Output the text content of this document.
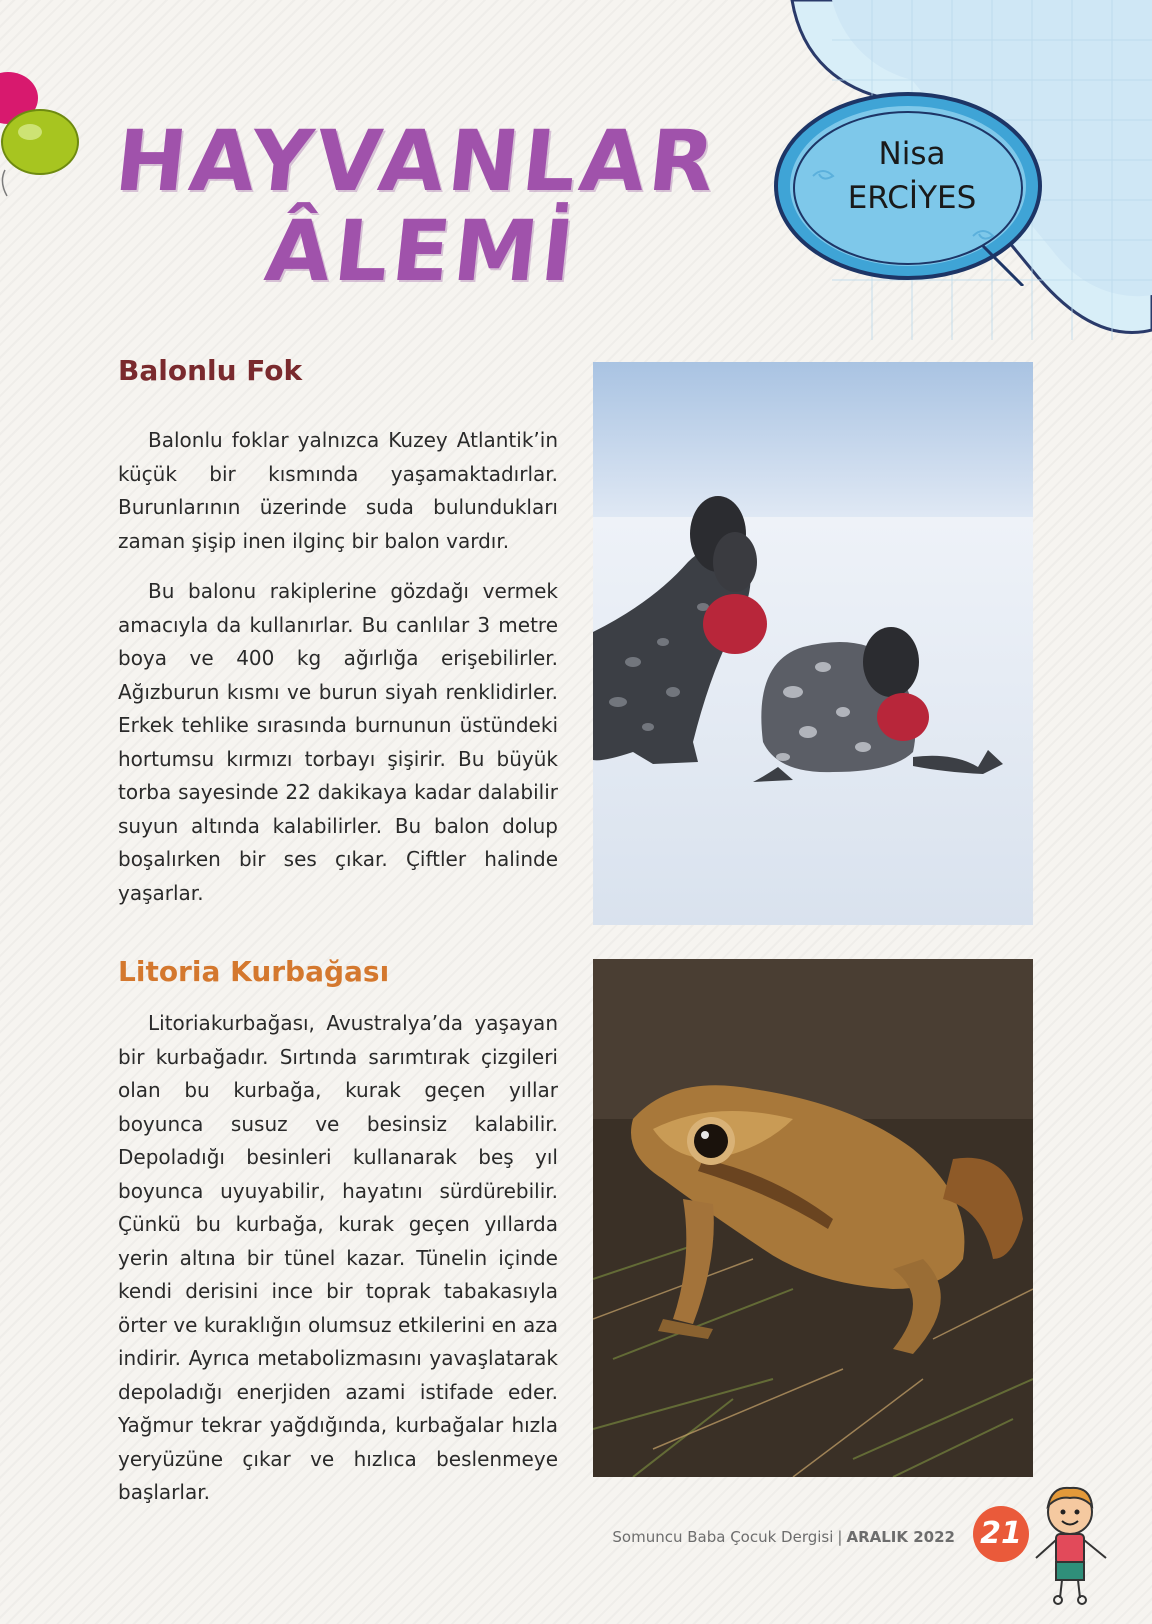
Nisa
ERCİYES
HAYVANLAR
ÂLEMİ
Balonlu Fok

Balonlu foklar yalnızca Kuzey Atlantik’in küçük bir kısmında yaşamaktadırlar. Burunlarının üzerinde suda bulundukları zaman şişip inen ilginç bir balon vardır.

Bu balonu rakiplerine gözdağı vermek amacıyla da kullanırlar. Bu canlılar 3 metre boya ve 400 kg ağırlığa erişebilirler. Ağızburun kısmı ve burun siyah renklidirler. Erkek tehlike sırasında burnunun üstündeki hortumsu kırmızı torbayı şişirir. Bu büyük torba sayesinde 22 dakikaya kadar dalabilir suyun altında kalabilirler. Bu balon dolup boşalırken bir ses çıkar. Çiftler halinde yaşarlar.

Litoria Kurbağası

Litoriakurbağası, Avustralya’da yaşayan bir kurbağadır. Sırtında sarımtırak çizgileri olan bu kurbağa, kurak geçen yıllar boyunca susuz ve besinsiz kalabilir. Depoladığı besinleri kullanarak beş yıl boyunca uyuyabilir, hayatını sürdürebilir. Çünkü bu kurbağa, kurak geçen yıllarda yerin altına bir tünel kazar. Tünelin içinde kendi derisini ince bir toprak tabakasıyla örter ve kuraklığın olumsuz etkilerini en aza indirir. Ayrıca metabolizmasını yavaşlatarak depoladığı enerjiden azami istifade eder. Yağmur tekrar yağdığında, kurbağalar hızla yeryüzüne çıkar ve hızlıca beslenmeye başlarlar.

Somuncu Baba Çocuk Dergisi | ARALIK 2022 21
